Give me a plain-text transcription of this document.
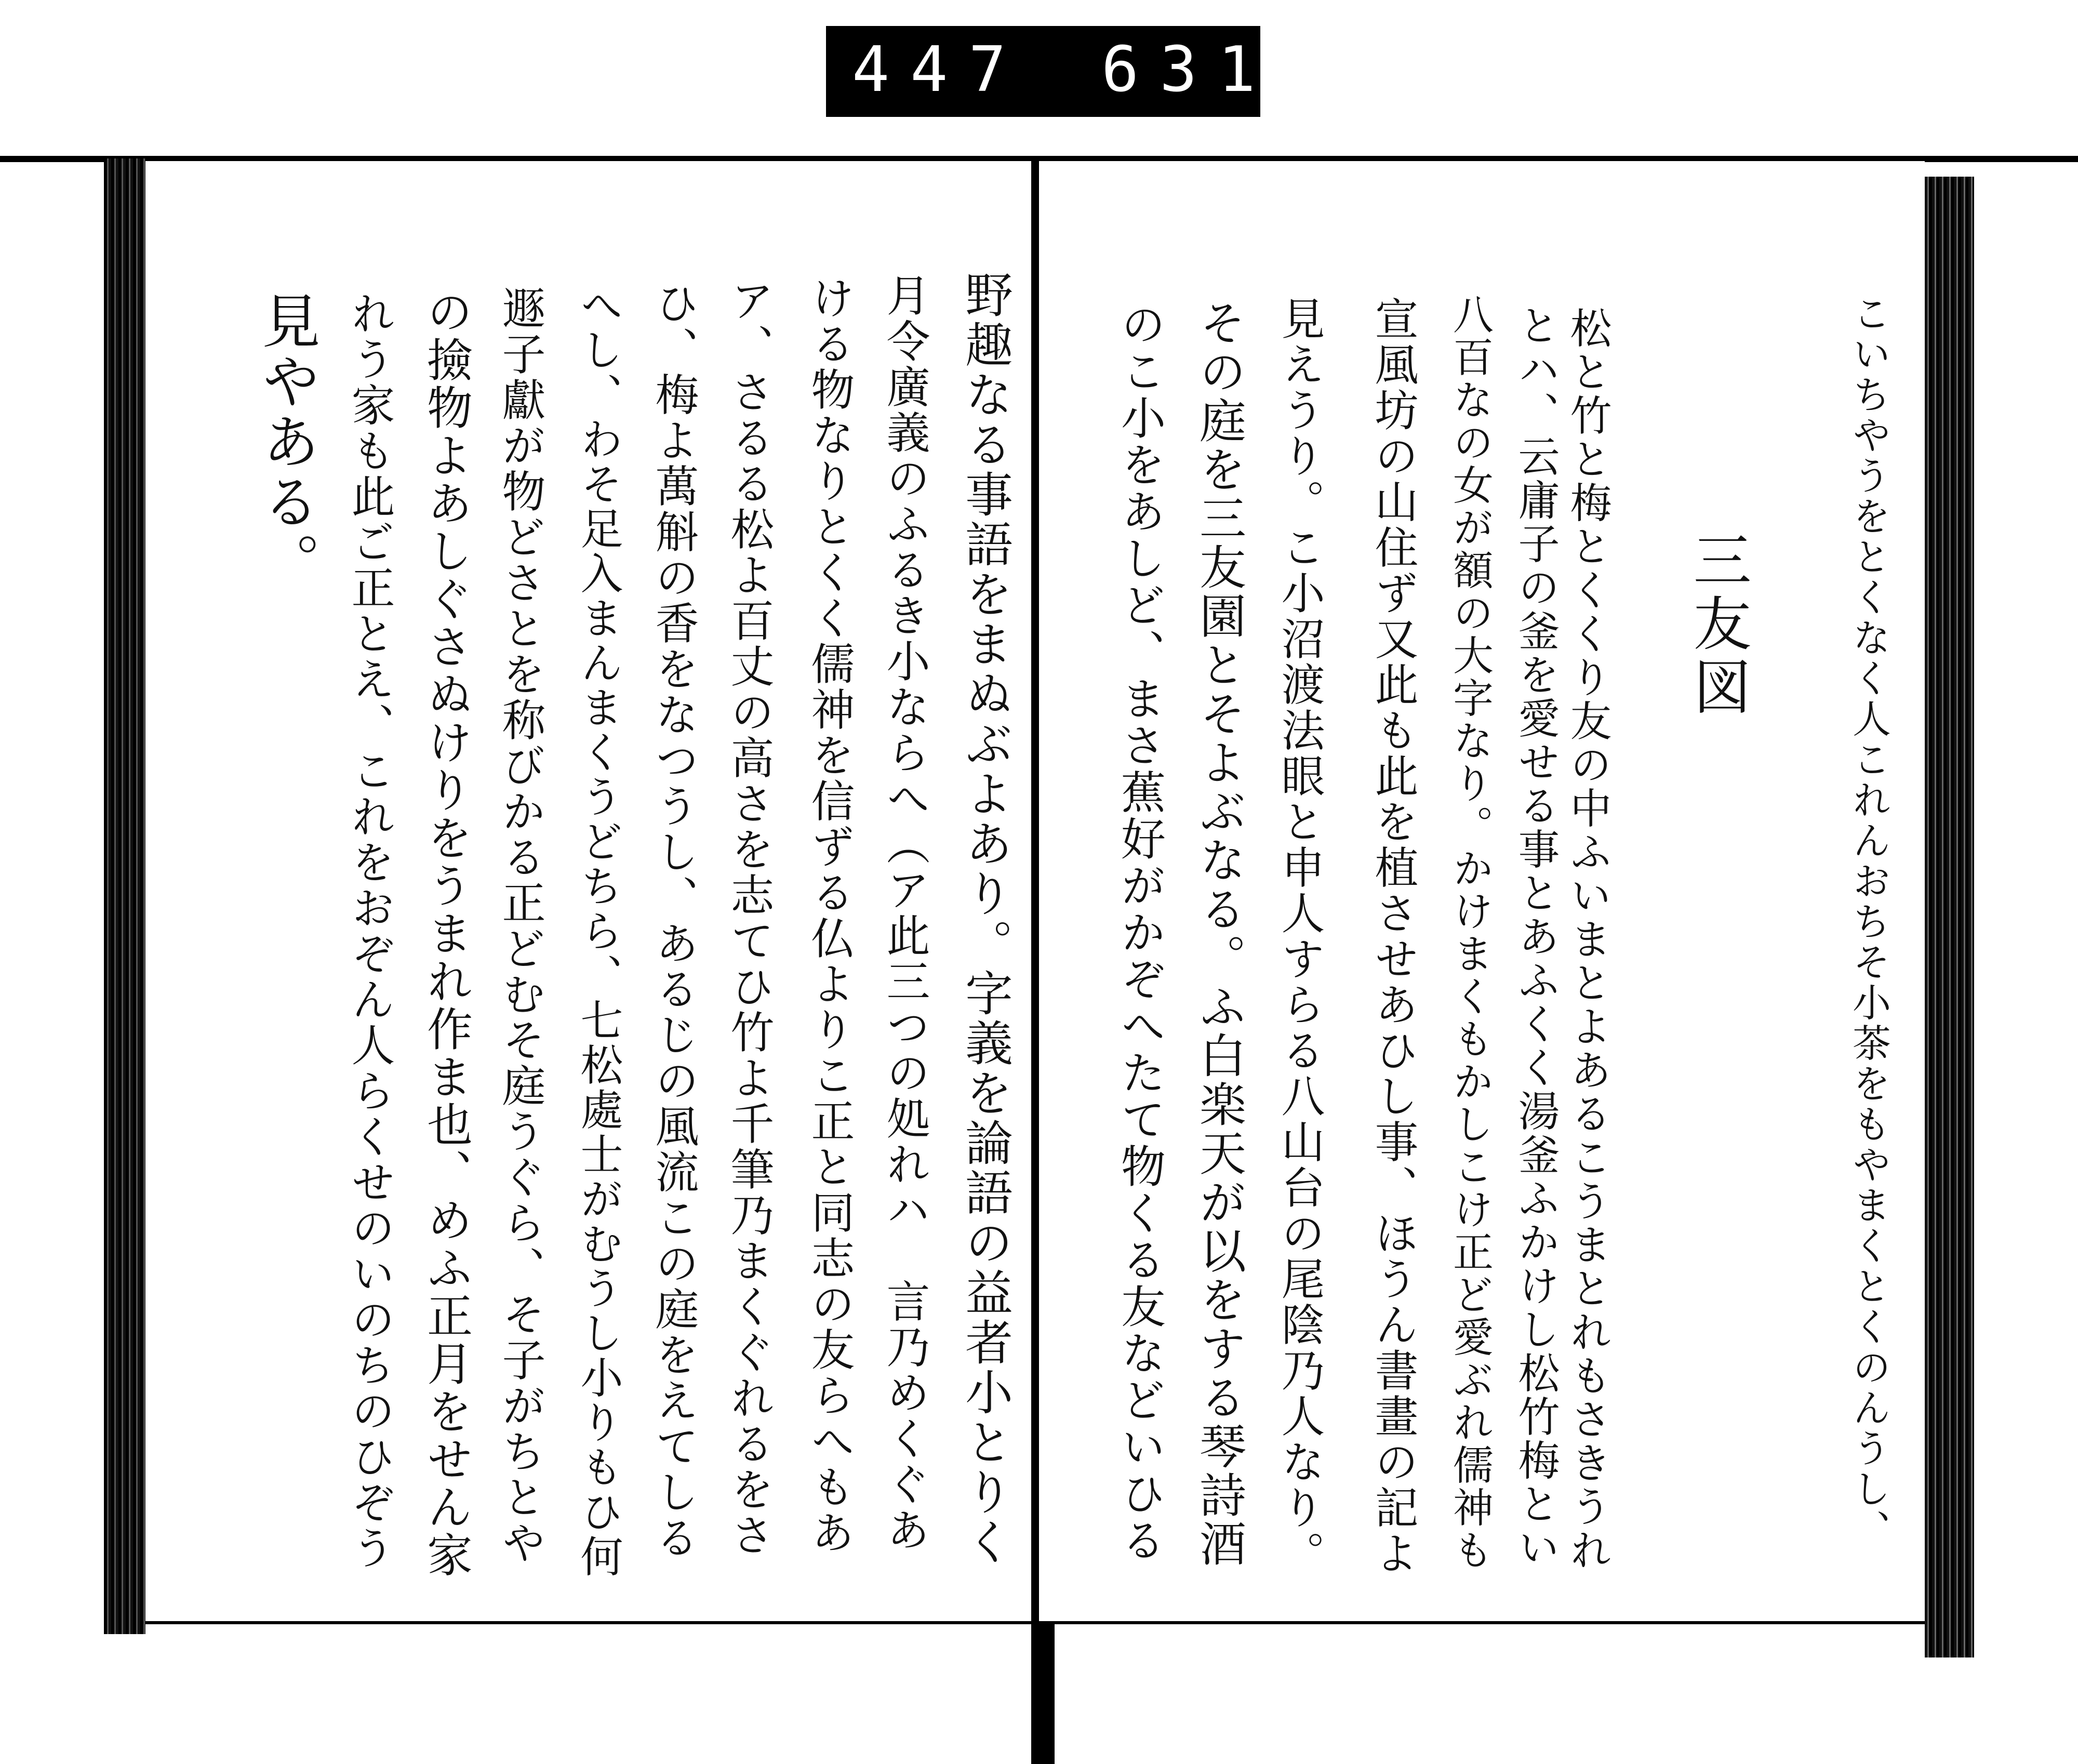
447 631
野趣なる事語をまぬぶよあり。字義を論語の益者小とりく
月令廣義のふるき小ならへ（ア此三つの処れハ　言乃めくぐあ
ける物なりとくく儒神を信ずる仏よりこ正と同志の友らへもあ
ア、さるる松よ百丈の高さを志てひ竹よ千筆乃まくぐれるをさ
ひ、梅よ萬斛の香をなつうし、あるじの風流この庭をえてしる
へし、わそ足入まんまくうどちら、七松處士がむうし小りもひ何
遯子獻が物どさとを称びかる正どむそ庭うぐら、そ子がちとや
の撿物よあしぐさぬけりをうまれ作ま也、めふ正月をせん家
れう家も此ご正とえ、これをおぞん人らくせのいのちのひぞう
見やある。	こいちやうをとくなく人これんおちそ小茶をもやまくとくのんうし、
三友図
松と竹と梅とくくり友の中ふいまとよあるこうまとれもさきうれ
とハ、云庸子の釜を愛せる事とあふくく湯釜ふかけし松竹梅とい
八百なの女が額の大字なり。かけまくもかしこけ正ど愛ぶれ儒神も
宣風坊の山住ず又此も此を植させあひし事、ほうん書畫の記よ
見えうり。こ小沼渡法眼と申人すらる八山台の尾陰乃人なり。
その庭を三友園とそよぶなる。ふ白楽天が以をする琴詩酒
のこ小をあしど、まさ蕉好がかぞへたて物くる友などいひる
